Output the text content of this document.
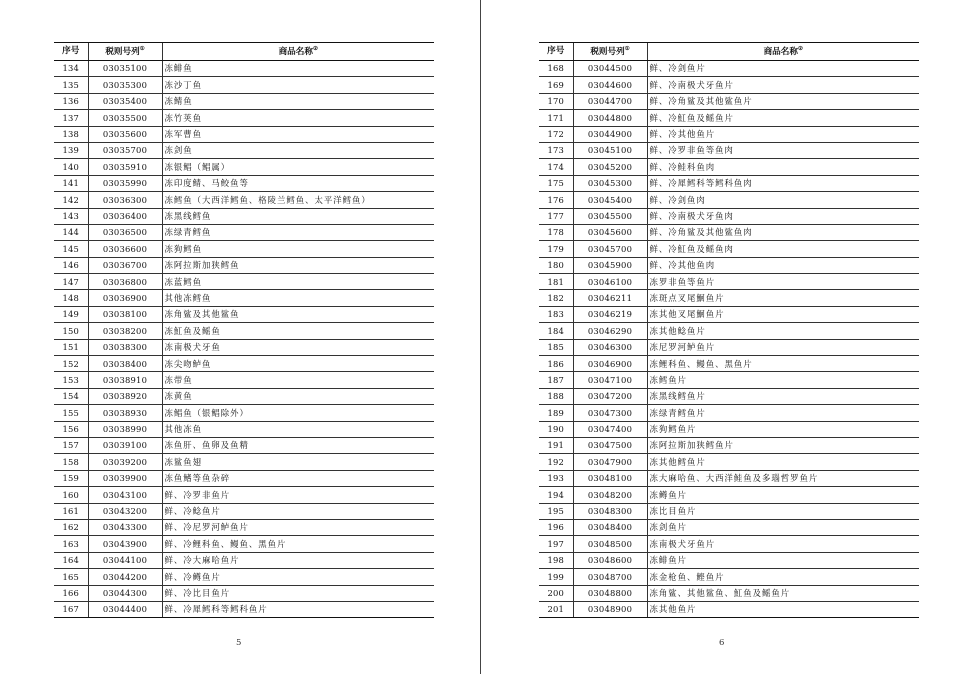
序号	税则号列①	商品名称②
134	03035100	冻鲱鱼
135	03035300	冻沙丁鱼
136	03035400	冻鲭鱼
137	03035500	冻竹荚鱼
138	03035600	冻军曹鱼
139	03035700	冻剑鱼
140	03035910	冻银鲳（鲳属）
141	03035990	冻印度鲭、马鲛鱼等
142	03036300	冻鳕鱼（大西洋鳕鱼、格陵兰鳕鱼、太平洋鳕鱼）
143	03036400	冻黑线鳕鱼
144	03036500	冻绿青鳕鱼
145	03036600	冻狗鳕鱼
146	03036700	冻阿拉斯加狭鳕鱼
147	03036800	冻蓝鳕鱼
148	03036900	其他冻鳕鱼
149	03038100	冻角鲨及其他鲨鱼
150	03038200	冻魟鱼及鳐鱼
151	03038300	冻南极犬牙鱼
152	03038400	冻尖吻鲈鱼
153	03038910	冻带鱼
154	03038920	冻黄鱼
155	03038930	冻鲳鱼（银鲳除外）
156	03038990	其他冻鱼
157	03039100	冻鱼肝、鱼卵及鱼精
158	03039200	冻鲨鱼翅
159	03039900	冻鱼鳍等鱼杂碎
160	03043100	鲜、冷罗非鱼片
161	03043200	鲜、冷鲶鱼片
162	03043300	鲜、冷尼罗河鲈鱼片
163	03043900	鲜、冷鲤科鱼、鳗鱼、黑鱼片
164	03044100	鲜、冷大麻哈鱼片
165	03044200	鲜、冷鳟鱼片
166	03044300	鲜、冷比目鱼片
167	03044400	鲜、冷犀鳕科等鳕科鱼片
5
序号	税则号列①	商品名称②
168	03044500	鲜、冷剑鱼片
169	03044600	鲜、冷南极犬牙鱼片
170	03044700	鲜、冷角鲨及其他鲨鱼片
171	03044800	鲜、冷魟鱼及鳐鱼片
172	03044900	鲜、冷其他鱼片
173	03045100	鲜、冷罗非鱼等鱼肉
174	03045200	鲜、冷鲑科鱼肉
175	03045300	鲜、冷犀鳕科等鳕科鱼肉
176	03045400	鲜、冷剑鱼肉
177	03045500	鲜、冷南极犬牙鱼肉
178	03045600	鲜、冷角鲨及其他鲨鱼肉
179	03045700	鲜、冷魟鱼及鳐鱼肉
180	03045900	鲜、冷其他鱼肉
181	03046100	冻罗非鱼等鱼片
182	03046211	冻斑点叉尾鮰鱼片
183	03046219	冻其他叉尾鮰鱼片
184	03046290	冻其他鲶鱼片
185	03046300	冻尼罗河鲈鱼片
186	03046900	冻鲤科鱼、鳗鱼、黑鱼片
187	03047100	冻鳕鱼片
188	03047200	冻黑线鳕鱼片
189	03047300	冻绿青鳕鱼片
190	03047400	冻狗鳕鱼片
191	03047500	冻阿拉斯加狭鳕鱼片
192	03047900	冻其他鳕鱼片
193	03048100	冻大麻哈鱼、大西洋鲑鱼及多瑙哲罗鱼片
194	03048200	冻鳟鱼片
195	03048300	冻比目鱼片
196	03048400	冻剑鱼片
197	03048500	冻南极犬牙鱼片
198	03048600	冻鲱鱼片
199	03048700	冻金枪鱼、鲣鱼片
200	03048800	冻角鲨、其他鲨鱼、魟鱼及鳐鱼片
201	03048900	冻其他鱼片
6
